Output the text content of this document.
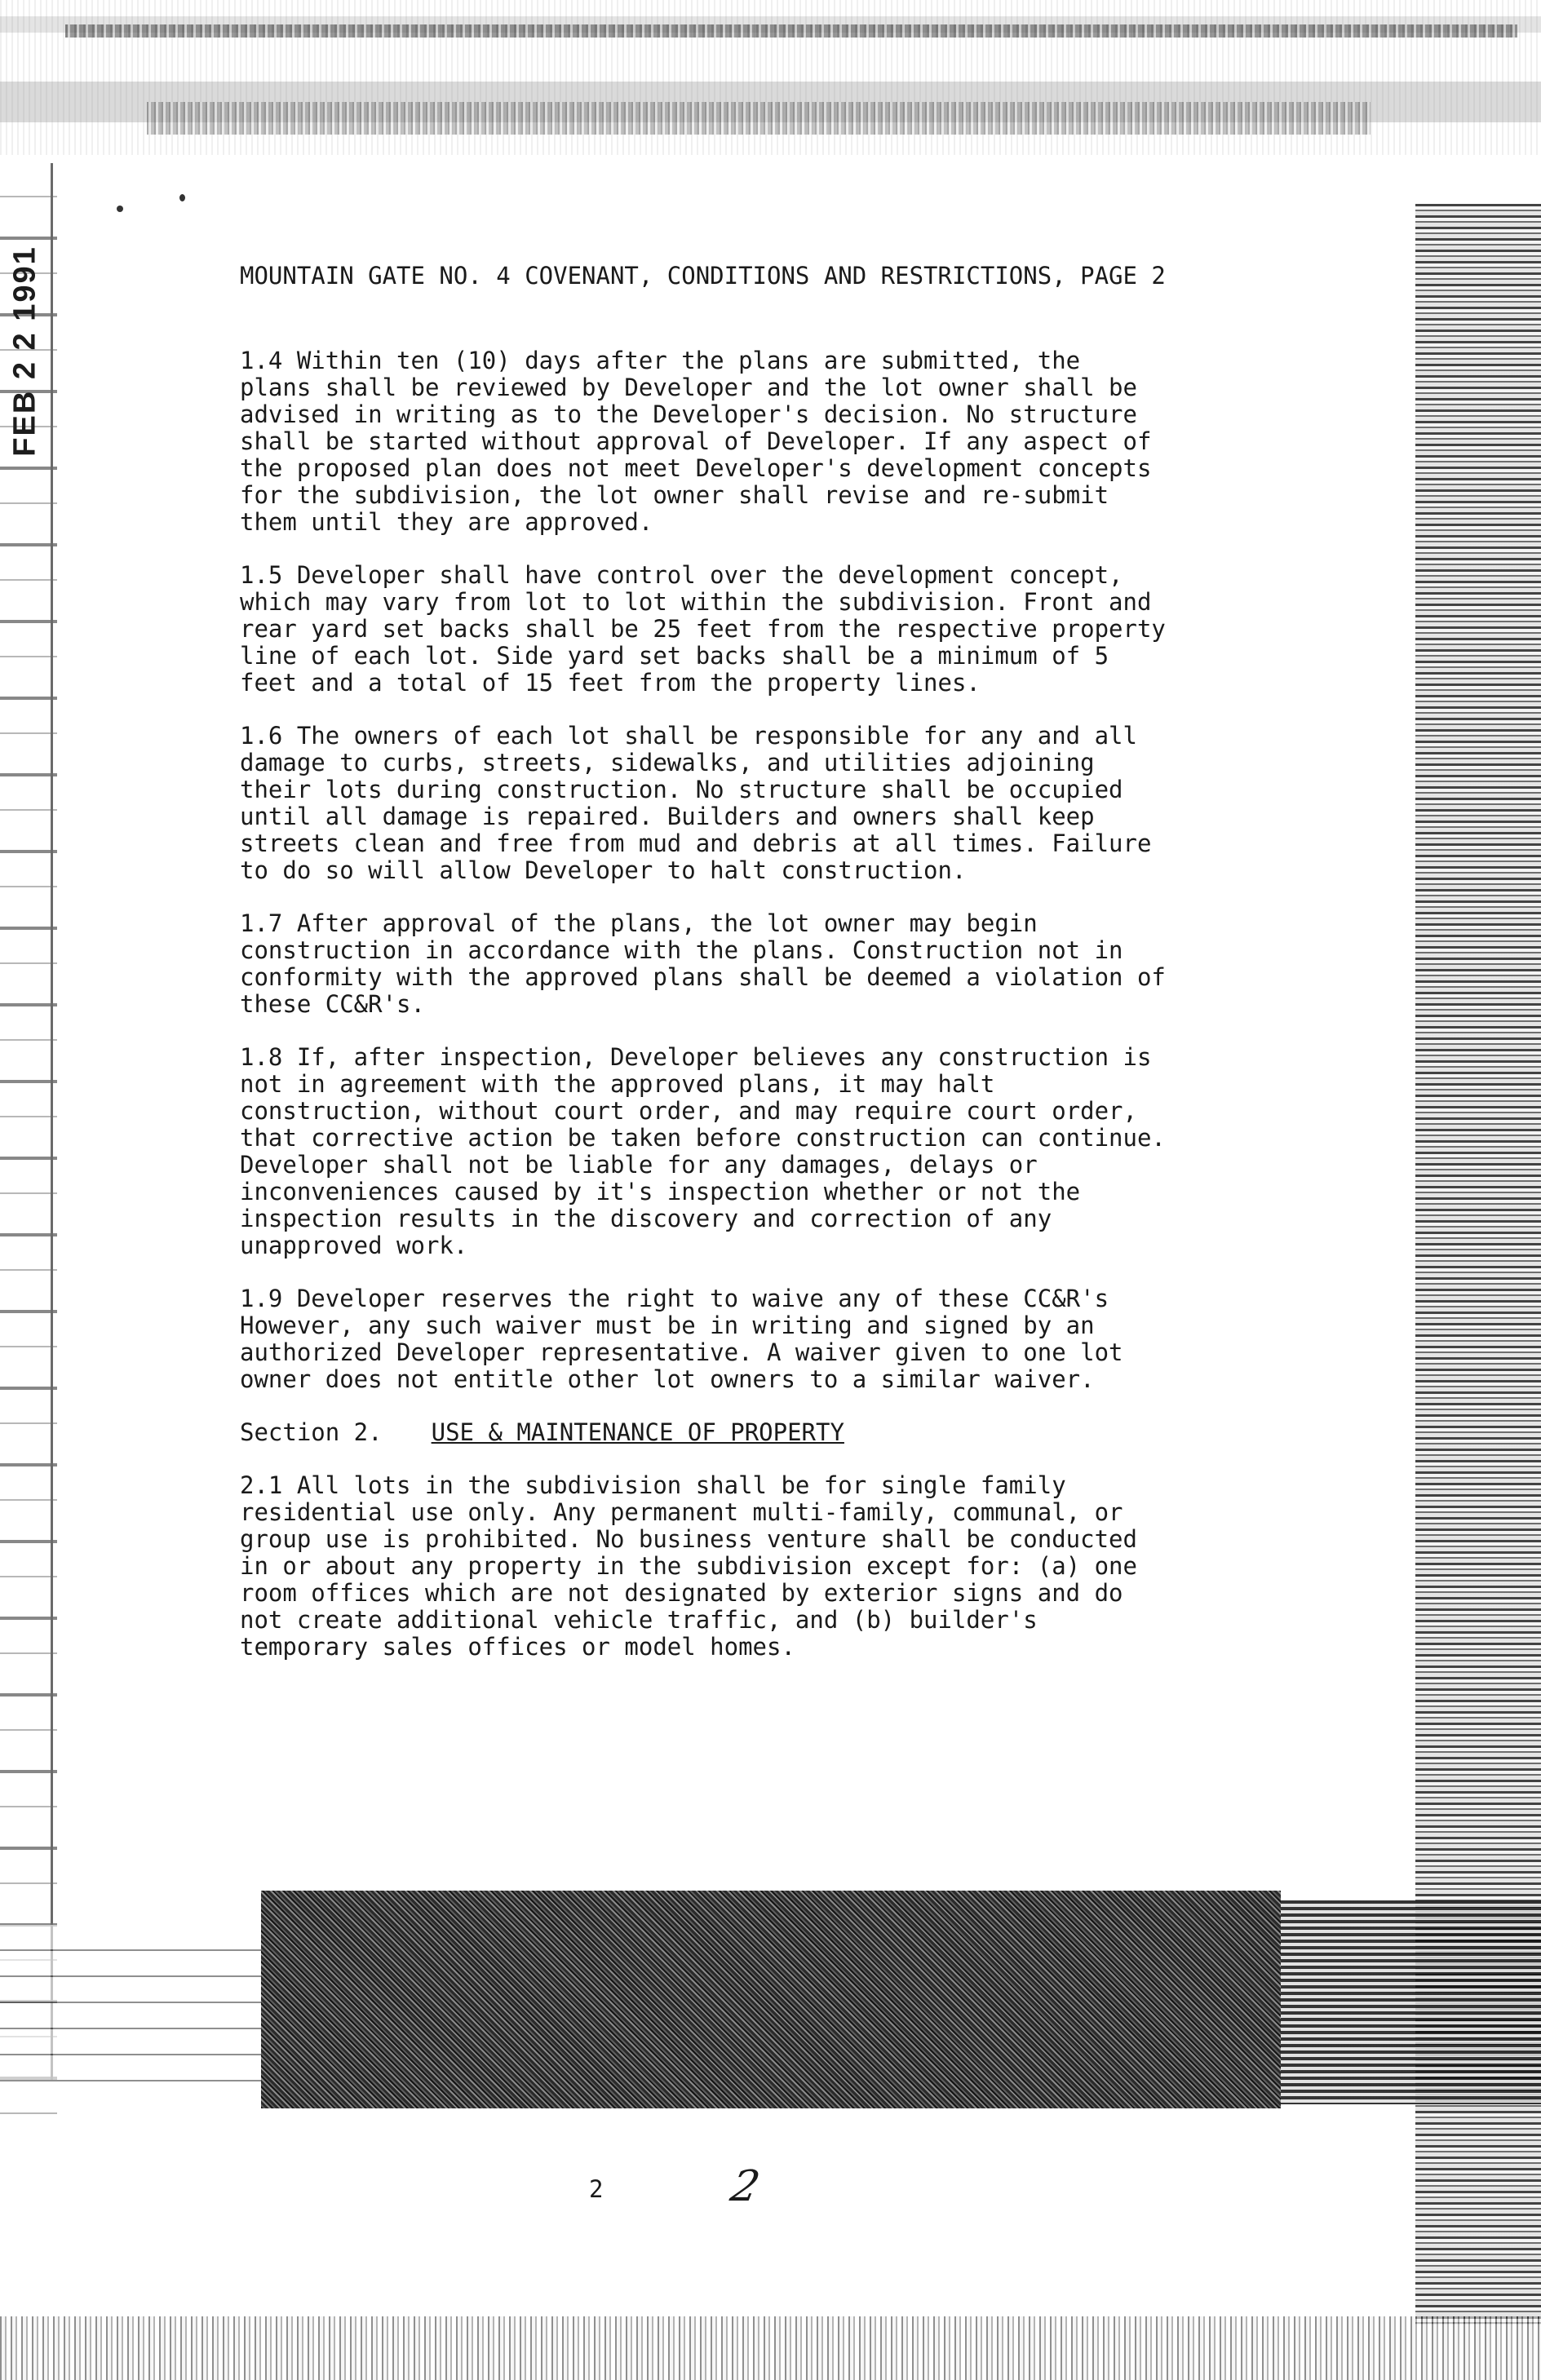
FEB 2 2 1991	MOUNTAIN GATE NO. 4 COVENANT, CONDITIONS AND RESTRICTIONS, PAGE 2
1.4 Within ten (10) days after the plans are submitted, the
plans shall be reviewed by Developer and the lot owner shall be
advised in writing as to the Developer's decision. No structure
shall be started without approval of Developer. If any aspect of
the proposed plan does not meet Developer's development concepts
for the subdivision, the lot owner shall revise and re-submit
them until they are approved.
1.5 Developer shall have control over the development concept,
which may vary from lot to lot within the subdivision. Front and
rear yard set backs shall be 25 feet from the respective property
line of each lot. Side yard set backs shall be a minimum of 5
feet and a total of 15 feet from the property lines.
1.6 The owners of each lot shall be responsible for any and all
damage to curbs, streets, sidewalks, and utilities adjoining
their lots during construction. No structure shall be occupied
until all damage is repaired. Builders and owners shall keep
streets clean and free from mud and debris at all times. Failure
to do so will allow Developer to halt construction.
1.7 After approval of the plans, the lot owner may begin
construction in accordance with the plans. Construction not in
conformity with the approved plans shall be deemed a violation of
these CC&R's.
1.8 If, after inspection, Developer believes any construction is
not in agreement with the approved plans, it may halt
construction, without court order, and may require court order,
that corrective action be taken before construction can continue.
Developer shall not be liable for any damages, delays or
inconveniences caused by it's inspection whether or not the
inspection results in the discovery and correction of any
unapproved work.
1.9 Developer reserves the right to waive any of these CC&R's
However, any such waiver must be in writing and signed by an
authorized Developer representative. A waiver given to one lot
owner does not entitle other lot owners to a similar waiver.
Section 2. USE & MAINTENANCE OF PROPERTY
2.1 All lots in the subdivision shall be for single family
residential use only. Any permanent multi-family, communal, or
group use is prohibited. No business venture shall be conducted
in or about any property in the subdivision except for: (a) one
room offices which are not designated by exterior signs and do
not create additional vehicle traffic, and (b) builder's
temporary sales offices or model homes.
2	2
